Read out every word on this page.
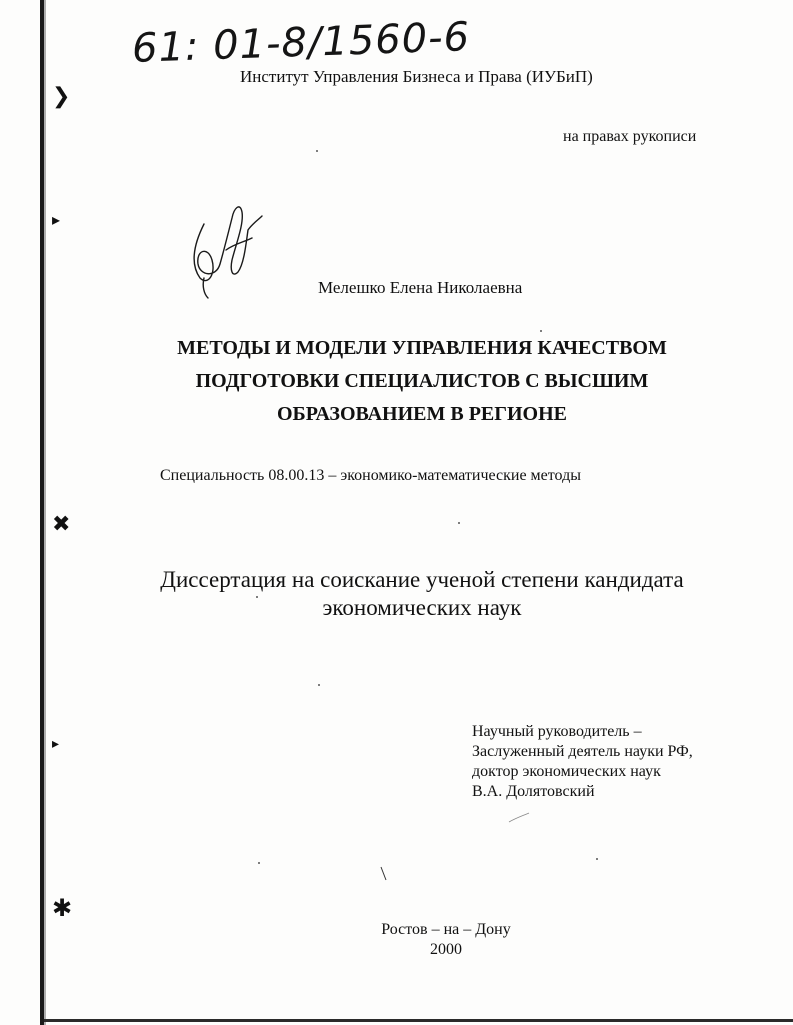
❯
▸
✖
▸
✱
61: 01-8/1560-6
Институт Управления Бизнеса и Права (ИУБиП)
на правах рукописи
Мелешко Елена Николаевна
МЕТОДЫ И МОДЕЛИ УПРАВЛЕНИЯ КАЧЕСТВОМ
ПОДГОТОВКИ СПЕЦИАЛИСТОВ С ВЫСШИМ
ОБРАЗОВАНИЕМ В РЕГИОНЕ
Специальность 08.00.13 – экономико-математические методы
Диссертация на соискание ученой степени кандидата
экономических наук
Научный руководитель –
Заслуженный деятель науки РФ,
доктор экономических наук
В.А. Долятовский
Ростов – на – Дону
2000
